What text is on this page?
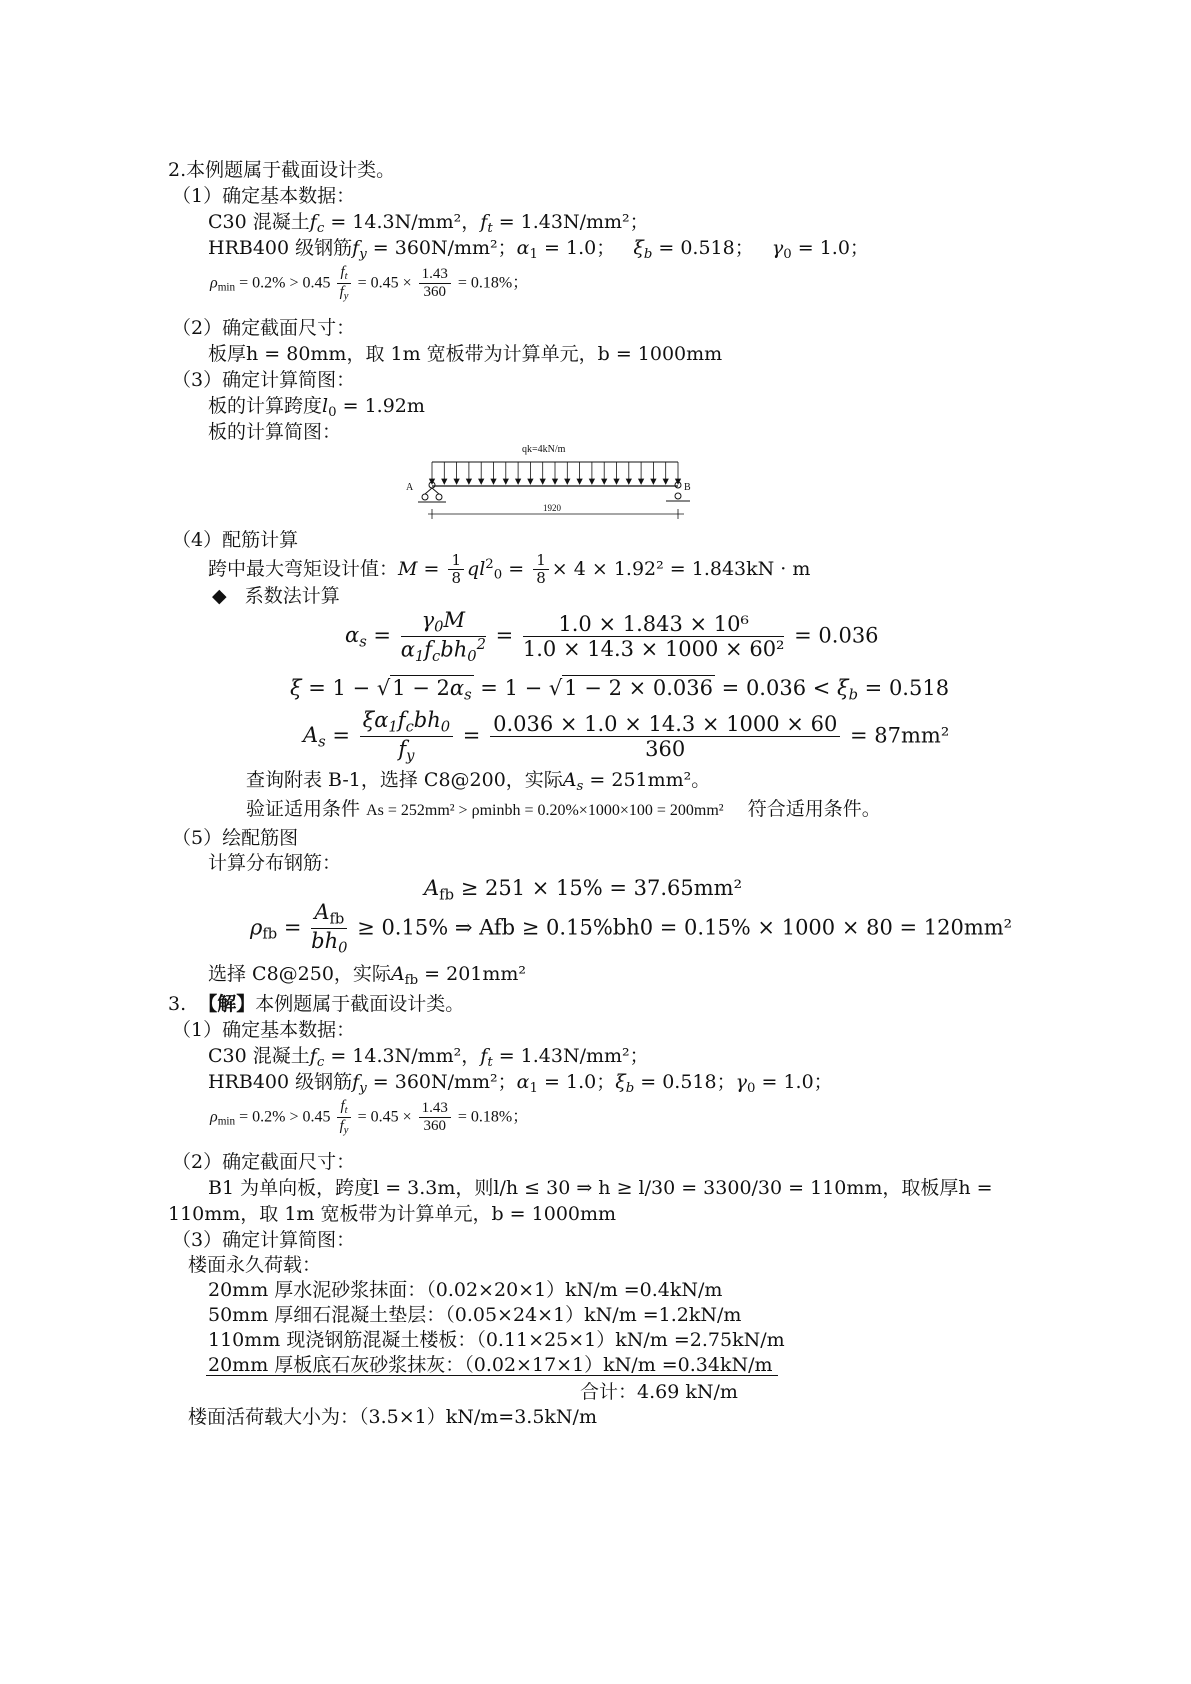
2.本例题属于截面设计类。
（1）确定基本数据：
C30 混凝土$f_c = 14.3N/mm^2$，$f_t = 1.43N/mm^2$；
HRB400 级钢筋$f_y = 360N/mm^2$；$\alpha_1 = 1.0$； $\xi_b = 0.518$； $\gamma_0 = 1.0$；
$\rho_{min} = 0.2\% > 0.45 \frac{f_t}{f_y} = 0.45 \times \frac{1.43}{360} = 0.18\%$；
（2）确定截面尺寸：
板厚h = 80mm，取 1m 宽板带为计算单元，b = 1000mm
（3）确定计算简图：
板的计算跨度$l_0 = 1.92m$
板的计算简图：
qk=4kN/m
A	B
1920
（4）配筋计算
跨中最大弯矩设计值：$M = \frac{1}{8} ql^2_0 = \frac{1}{8} \times 4 \times 1.92^2 = 1.843kN \cdot m$
◆ 系数法计算
$\alpha_s = \frac{\gamma_0M}{\alpha_1f_cbh_0^2} = \frac{\text{1.0 × 1.843 × 10⁶}}{\text{1.0 × 14.3 × 1000 × 60²}} = 0.036$
$\xi = 1 - √1 - 2\alpha_s = 1 - √1 - 2 \times 0.036 = 0.036 < \xi_b = 0.518$
$A_s = \frac{\xi\alpha_1f_cbh_0}{f_y} = \frac{0.036 \times 1.0 \times 14.3 \times 1000 \times 60}{360} = 87mm^2$
查询附表 B-1，选择 C8@200，实际$A_s = 251mm^2$。
验证适用条件 As = 252mm² > ρminbh = 0.20%×1000×100 = 200mm² 符合适用条件。
（5）绘配筋图
计算分布钢筋：
$A_{fb} \ge 251 \times 15\% = 37.65mm^2$
$\rho_{fb} = \frac{A_{fb}}{bh_0} \ge 0.15\%$ ⇒ Afb ≥ 0.15%bh0 = 0.15% × 1000 × 80 = 120mm²
选择 C8@250，实际$A_{fb} = 201mm^2$
3. 【解】本例题属于截面设计类。
（1）确定基本数据：
C30 混凝土$f_c = 14.3N/mm^2$，$f_t = 1.43N/mm^2$；
HRB400 级钢筋$f_y = 360N/mm^2$；$\alpha_1 = 1.0$；$\xi_b = 0.518$；$\gamma_0 = 1.0$；
$\rho_{min} = 0.2\% > 0.45 \frac{f_t}{f_y} = 0.45 \times \frac{1.43}{360} = 0.18\%$；
（2）确定截面尺寸：
B1 为单向板，跨度l = 3.3m，则l/h ≤ 30 ⇒ h ≥ l/30 = 3300/30 = 110mm，取板厚h =
110mm，取 1m 宽板带为计算单元，b = 1000mm
（3）确定计算简图：
楼面永久荷载：
20mm 厚水泥砂浆抹面：（0.02×20×1）kN/m =0.4kN/m
50mm 厚细石混凝土垫层：（0.05×24×1）kN/m =1.2kN/m
110mm 现浇钢筋混凝土楼板：（0.11×25×1）kN/m =2.75kN/m
20mm 厚板底石灰砂浆抹灰：（0.02×17×1）kN/m =0.34kN/m
合计：4.69 kN/m
楼面活荷载大小为：（3.5×1）kN/m=3.5kN/m
